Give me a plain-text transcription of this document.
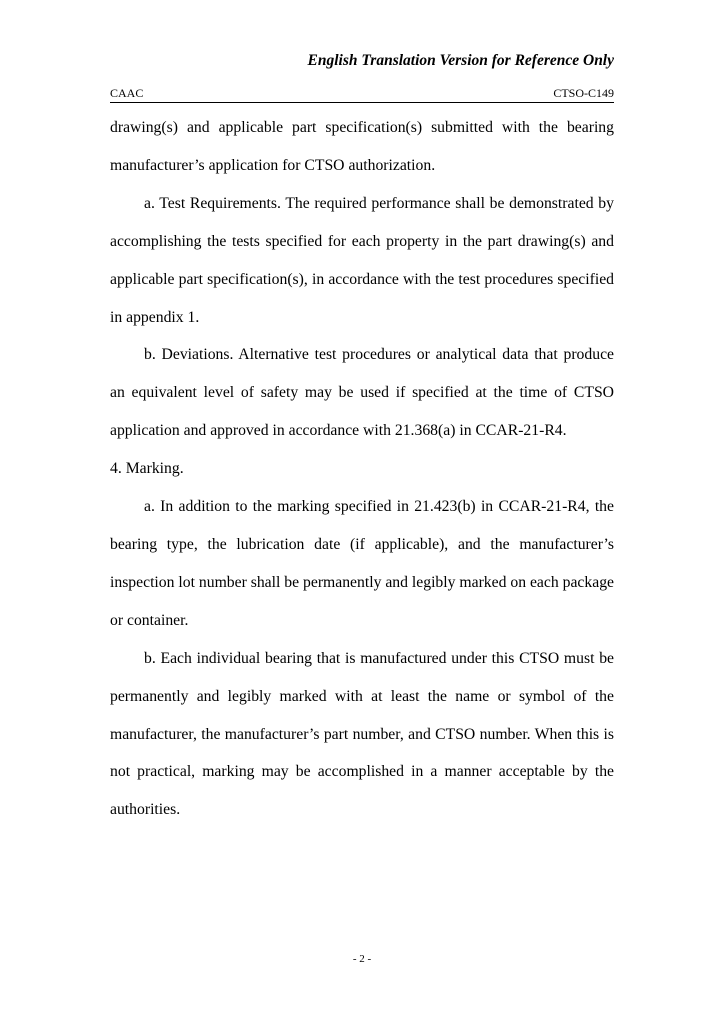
English Translation Version for Reference Only
CAAC	CTSO-C149

drawing(s) and applicable part specification(s) submitted with the bearing manufacturer’s application for CTSO authorization.

a. Test Requirements. The required performance shall be demonstrated by accomplishing the tests specified for each property in the part drawing(s) and applicable part specification(s), in accordance with the test procedures specified in appendix 1.

b. Deviations. Alternative test procedures or analytical data that produce an equivalent level of safety may be used if specified at the time of CTSO application and approved in accordance with 21.368(a) in CCAR-21-R4.

4. Marking.

a. In addition to the marking specified in 21.423(b) in CCAR-21-R4, the bearing type, the lubrication date (if applicable), and the manufacturer’s inspection lot number shall be permanently and legibly marked on each package or container.

b. Each individual bearing that is manufactured under this CTSO must be permanently and legibly marked with at least the name or symbol of the manufacturer, the manufacturer’s part number, and CTSO number. When this is not practical, marking may be accomplished in a manner acceptable by the authorities.

- 2 -
